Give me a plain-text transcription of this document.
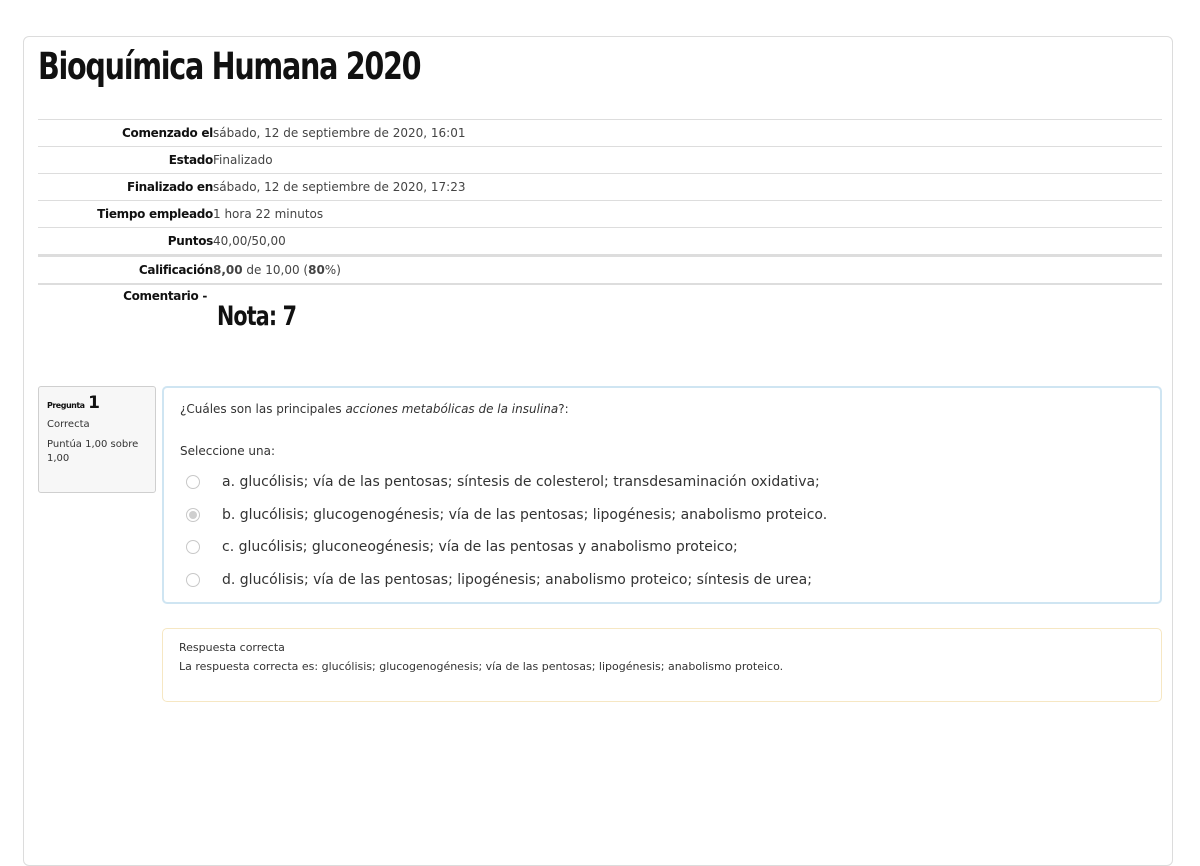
Bioquímica Humana 2020
Comenzado el	sábado, 12 de septiembre de 2020, 16:01
Estado	Finalizado
Finalizado en	sábado, 12 de septiembre de 2020, 17:23
Tiempo empleado	1 hora 22 minutos
Puntos	40,00/50,00
Calificación	8,00 de 10,00 (80%)
Comentario -	Nota: 7
Pregunta 1
Correcta
Puntúa 1,00 sobre 1,00
¿Cuáles son las principales acciones metabólicas de la insulina?:
Seleccione una:
a. glucólisis; vía de las pentosas; síntesis de colesterol; transdesaminación oxidativa;
b. glucólisis; glucogenogénesis; vía de las pentosas; lipogénesis; anabolismo proteico.
c. glucólisis; gluconeogénesis; vía de las pentosas y anabolismo proteico;
d. glucólisis; vía de las pentosas; lipogénesis; anabolismo proteico; síntesis de urea;
Respuesta correcta
La respuesta correcta es: glucólisis; glucogenogénesis; vía de las pentosas; lipogénesis; anabolismo proteico.
